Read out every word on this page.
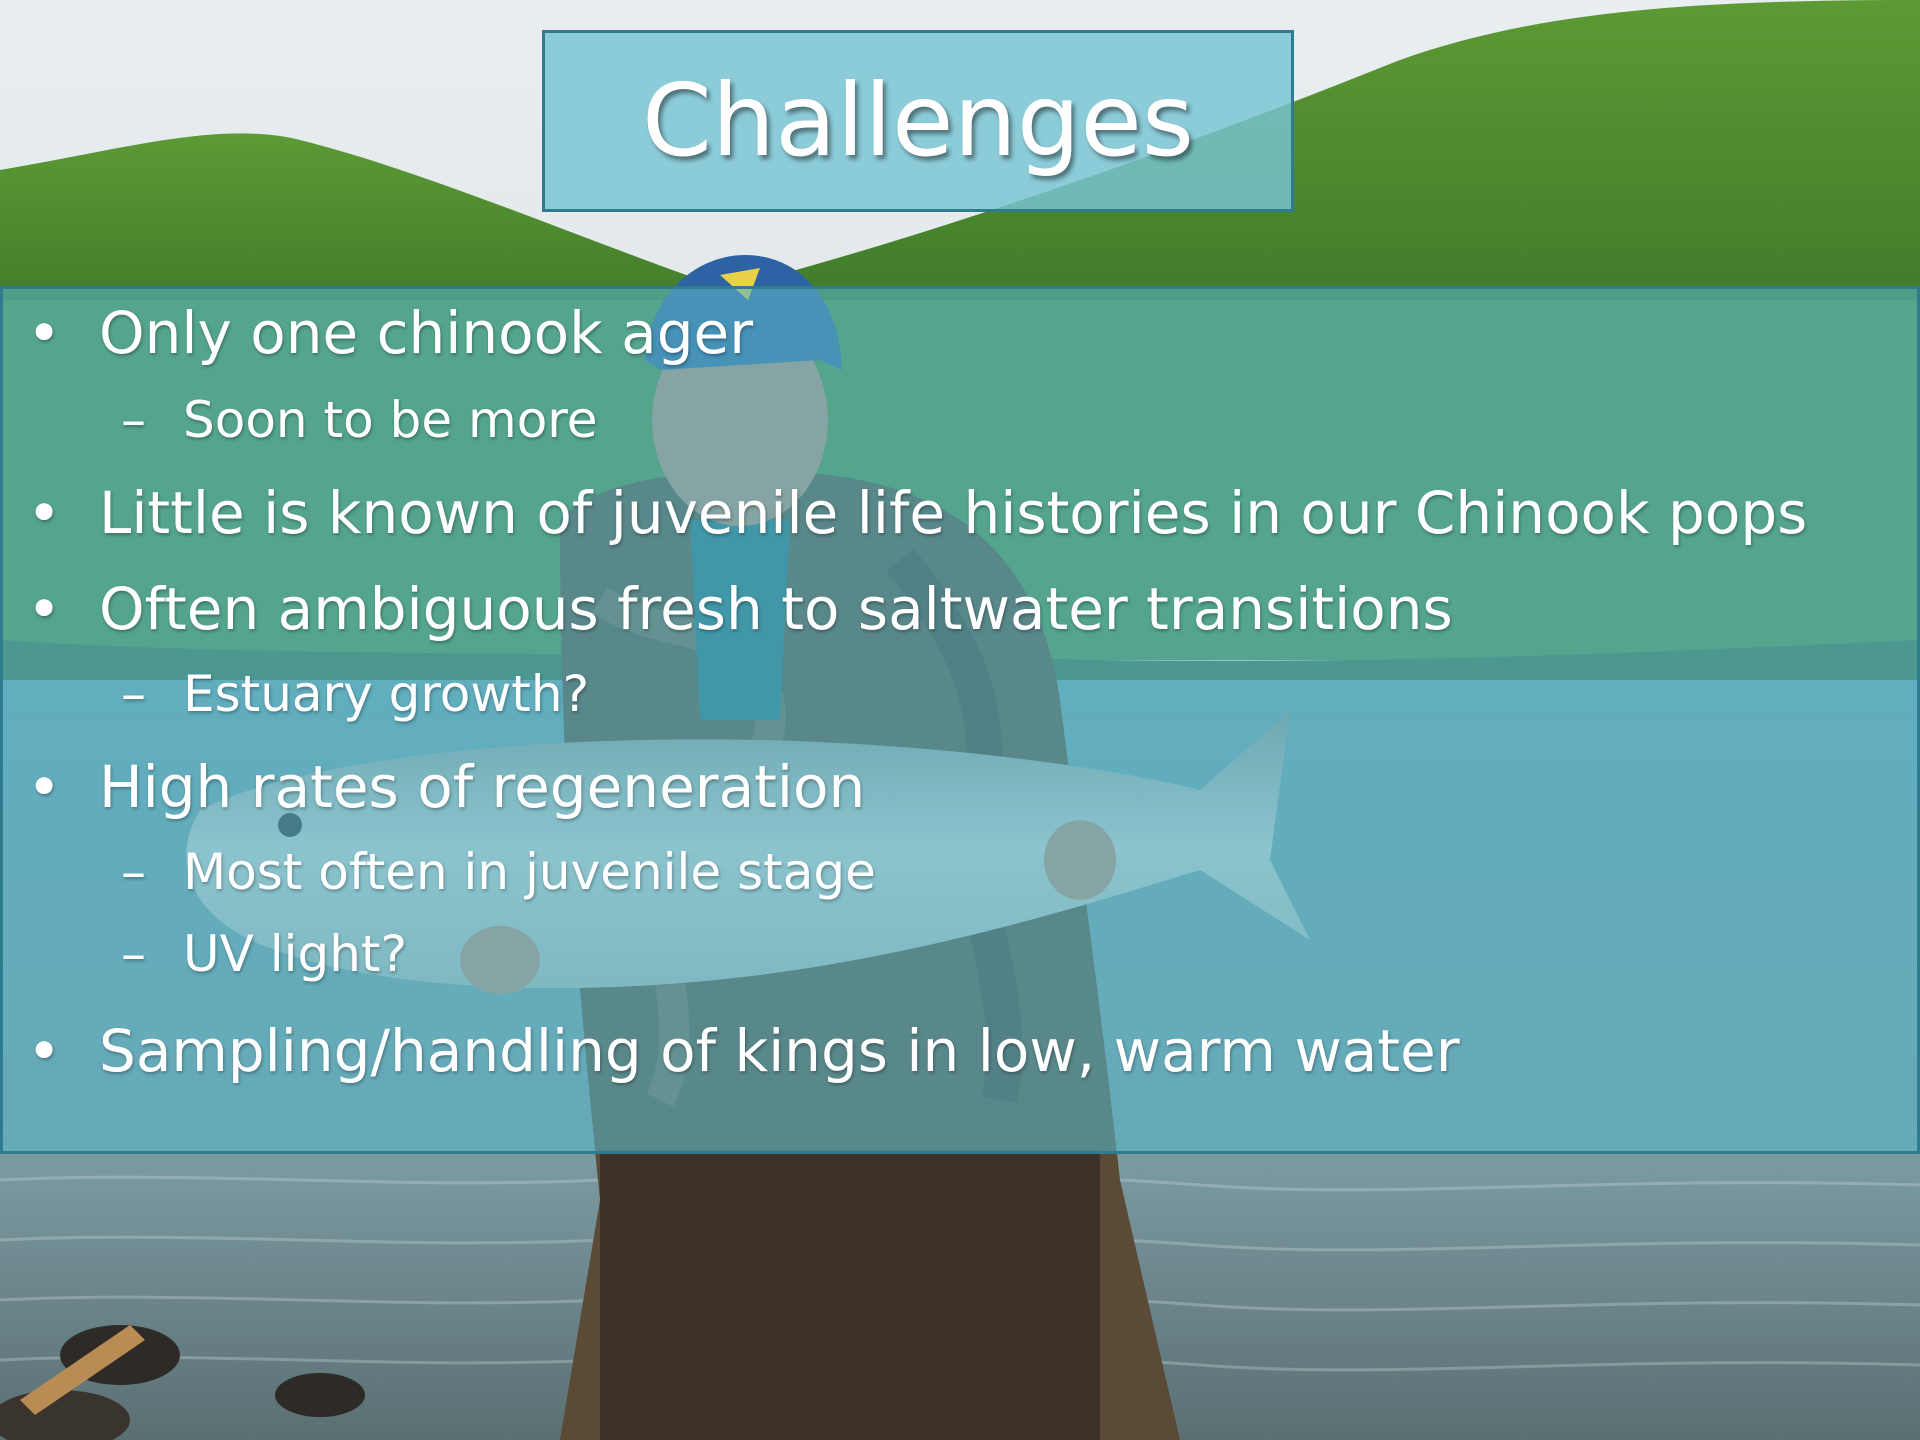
Challenges
• Only one chinook ager
– Soon to be more
• Little is known of juvenile life histories in our Chinook pops
• Often ambiguous fresh to saltwater transitions
– Estuary growth?
• High rates of regeneration
– Most often in juvenile stage
– UV light?
• Sampling/handling of kings in low, warm water
